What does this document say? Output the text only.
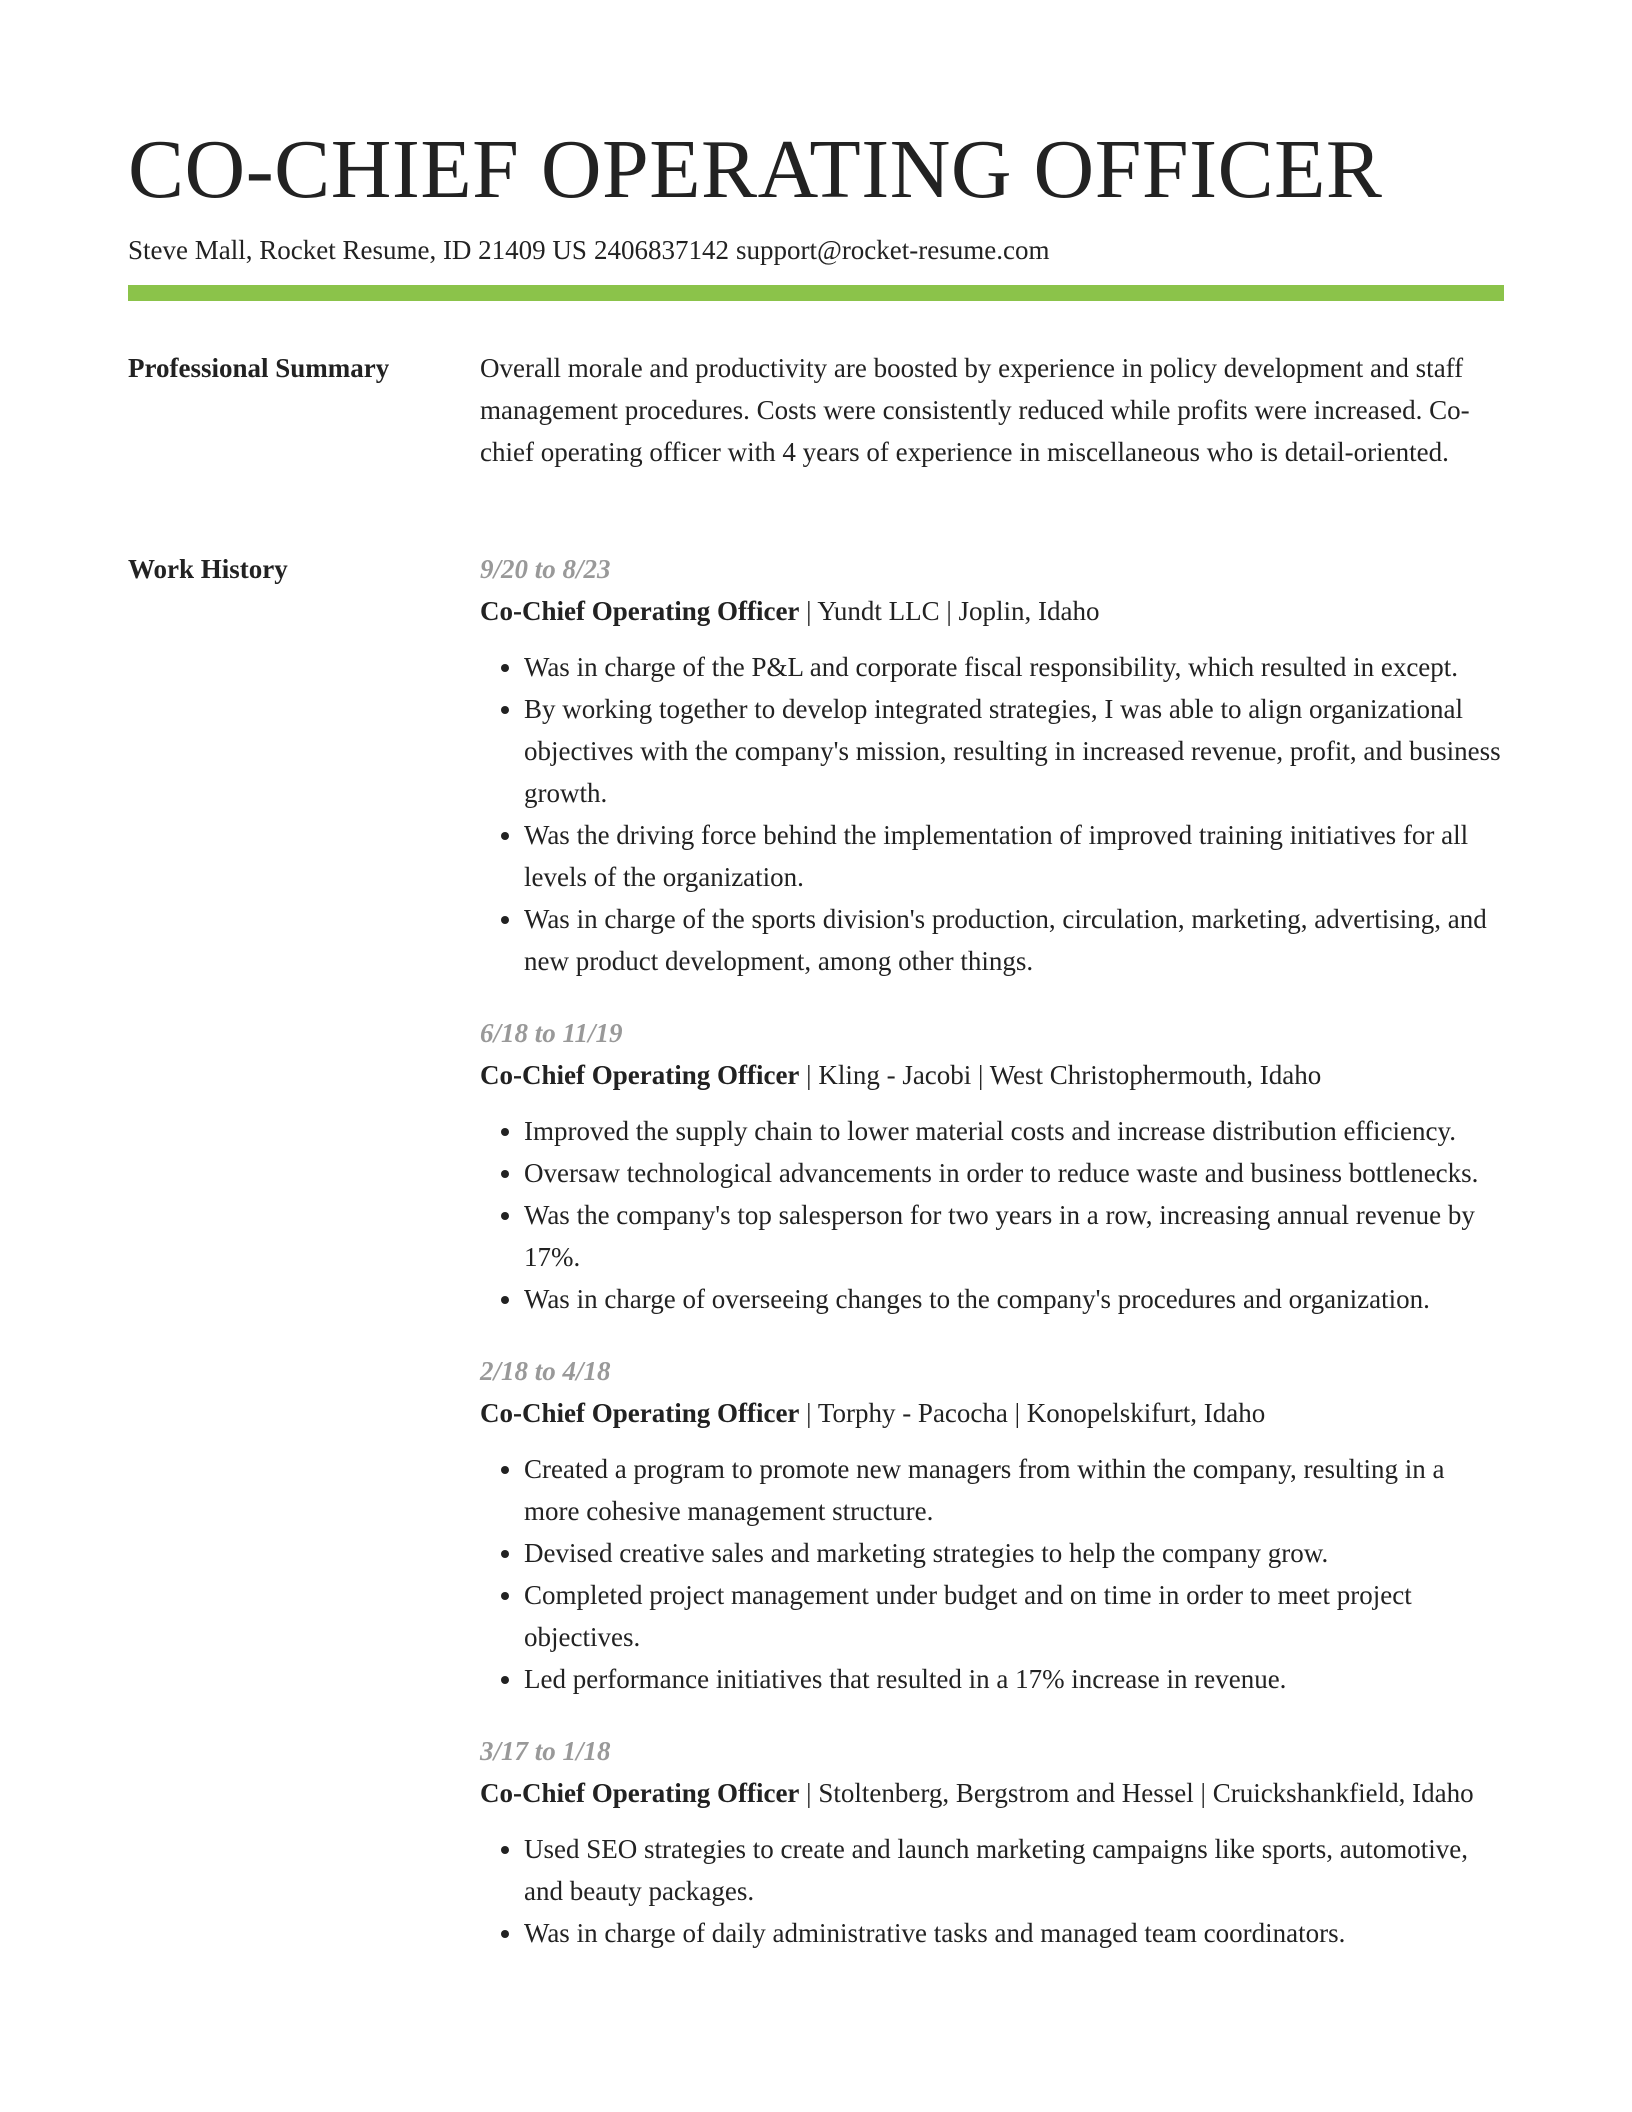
CO-CHIEF OPERATING OFFICER
Steve Mall, Rocket Resume, ID 21409 US 2406837142 support@rocket-resume.com
Professional Summary	Overall morale and productivity are boosted by experience in policy development and staff management procedures. Costs were consistently reduced while profits were increased. Co-chief operating officer with 4 years of experience in miscellaneous who is detail-oriented.

Work History	9/20 to 8/23

Co-Chief Operating Officer | Yundt LLC | Joplin, Idaho

• Was in charge of the P&L and corporate fiscal responsibility, which resulted in except.
• By working together to develop integrated strategies, I was able to align organizational objectives with the company's mission, resulting in increased revenue, profit, and business growth.
• Was the driving force behind the implementation of improved training initiatives for all levels of the organization.
• Was in charge of the sports division's production, circulation, marketing, advertising, and new product development, among other things.
6/18 to 11/19

Co-Chief Operating Officer | Kling - Jacobi | West Christophermouth, Idaho

• Improved the supply chain to lower material costs and increase distribution efficiency.
• Oversaw technological advancements in order to reduce waste and business bottlenecks.
• Was the company's top salesperson for two years in a row, increasing annual revenue by 17%.
• Was in charge of overseeing changes to the company's procedures and organization.
2/18 to 4/18

Co-Chief Operating Officer | Torphy - Pacocha | Konopelskifurt, Idaho

• Created a program to promote new managers from within the company, resulting in a more cohesive management structure.
• Devised creative sales and marketing strategies to help the company grow.
• Completed project management under budget and on time in order to meet project objectives.
• Led performance initiatives that resulted in a 17% increase in revenue.
3/17 to 1/18

Co-Chief Operating Officer | Stoltenberg, Bergstrom and Hessel | Cruickshankfield, Idaho

• Used SEO strategies to create and launch marketing campaigns like sports, automotive, and beauty packages.
• Was in charge of daily administrative tasks and managed team coordinators.
